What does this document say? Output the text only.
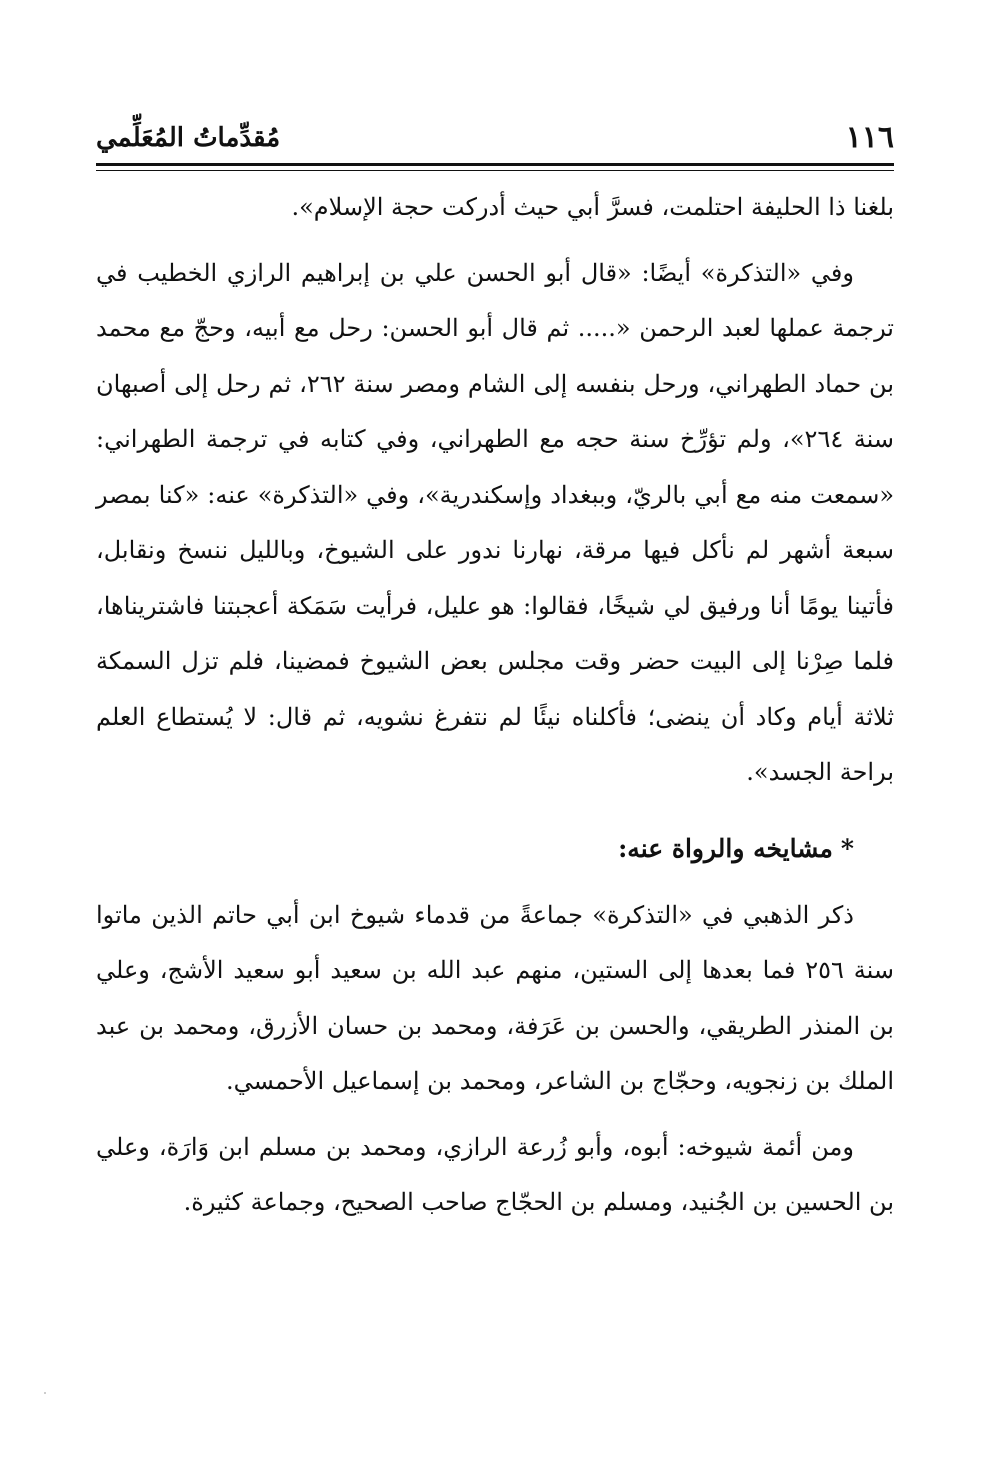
١١٦
مُقدِّماتُ المُعَلِّمي

بلغنا ذا الحليفة احتلمت، فسرَّ أبي حيث أدركت حجة الإسلام».

وفي «التذكرة» أيضًا: «قال أبو الحسن علي بن إبراهيم الرازي الخطيب في ترجمة عملها لعبد الرحمن «..... ثم قال أبو الحسن: رحل مع أبيه، وحجّ مع محمد بن حماد الطهراني، ورحل بنفسه إلى الشام ومصر سنة ٢٦٢، ثم رحل إلى أصبهان سنة ٢٦٤»، ولم تؤرِّخ سنة حجه مع الطهراني، وفي كتابه في ترجمة الطهراني: «سمعت منه مع أبي بالريّ، وببغداد وإسكندرية»، وفي «التذكرة» عنه: «كنا بمصر سبعة أشهر لم نأكل فيها مرقة، نهارنا ندور على الشيوخ، وبالليل ننسخ ونقابل، فأتينا يومًا أنا ورفيق لي شيخًا، فقالوا: هو عليل، فرأيت سَمَكة أعجبتنا فاشتريناها، فلما صِرْنا إلى البيت حضر وقت مجلس بعض الشيوخ فمضينا، فلم تزل السمكة ثلاثة أيام وكاد أن ينضى؛ فأكلناه نيئًا لم نتفرغ نشويه، ثم قال: لا يُستطاع العلم براحة الجسد».

*مشايخه والرواة عنه:

ذكر الذهبي في «التذكرة» جماعةً من قدماء شيوخ ابن أبي حاتم الذين ماتوا سنة ٢٥٦ فما بعدها إلى الستين، منهم عبد الله بن سعيد أبو سعيد الأشج، وعلي بن المنذر الطريقي، والحسن بن عَرَفة، ومحمد بن حسان الأزرق، ومحمد بن عبد الملك بن زنجويه، وحجّاج بن الشاعر، ومحمد بن إسماعيل الأحمسي.

ومن أئمة شيوخه: أبوه، وأبو زُرعة الرازي، ومحمد بن مسلم ابن وَارَة، وعلي بن الحسين بن الجُنيد، ومسلم بن الحجّاج صاحب الصحيح، وجماعة كثيرة.
